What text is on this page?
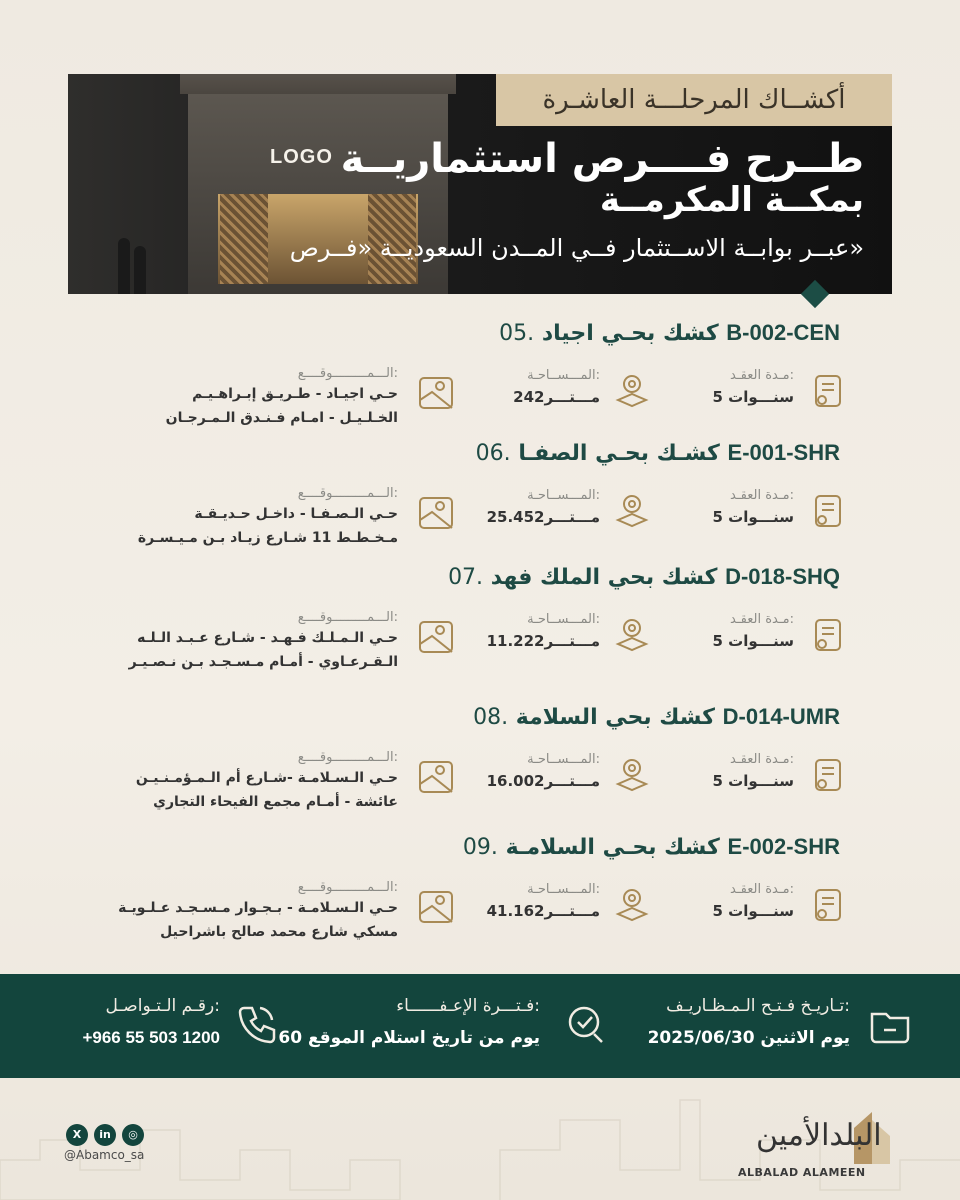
LOGO
أكشــاك المرحلـــة العاشـرة
طــرح فــــرص استثماريــة
بمكــة المكرمــة
عبــر بوابــة الاســتثمار فــي المــدن السعوديــة «فــرص»
05. كشك بحـي اجياد B-002-CEN
مـدة العقـد:
5 سنـــوات
المـــســاحـة:
24مـــتـــر2
الـــمـــــــــوقــــع:
حـي اجيـاد - طـريـق إبـراهـيـم
الخـلـيـل - امـام فـنـدق الـمـرجـان
06. كشـك بحـي الصفـا E-001-SHR
مـدة العقـد:
5 سنـــوات
المـــســاحـة:
25.45مـــتـــر2
الـــمـــــــــوقــــع:
حـي الـصـفـا - داخـل حـديـقـة
مـخـطـط 11 شـارع زيـاد بـن مـيـسـرة
07. كشك بحي الملك فهد D-018-SHQ
مـدة العقـد:
5 سنـــوات
المـــســاحـة:
11.22مـــتـــر2
الـــمـــــــــوقــــع:
حـي الـمـلـك فـهـد - شـارع عـبـد الـلـه
الـقـرعـاوي - أمـام مـسـجـد بـن نـصـيـر
08. كشك بحي السلامة D-014-UMR
مـدة العقـد:
5 سنـــوات
المـــســاحـة:
16.00مـــتـــر2
الـــمـــــــــوقــــع:
حـي الـسـلامـة -شـارع أم الـمـؤمـنـيـن
عائشة - أمـام مجمع الفيحاء التجاري
09. كشك بحـي السلامـة E-002-SHR
مـدة العقـد:
5 سنـــوات
المـــســاحـة:
41.16مـــتـــر2
الـــمـــــــــوقــــع:
حـي الـسـلامـة - بـجـوار مـسـجـد عـلـويـة
مسكي شارع محمد صالح باشراحيل
تـاريـخ فـتـح الـمـظـاريـف:
يوم الاثنين 2025/06/30
فـتـــرة الإعـفــــــاء:
60 يوم من تاريخ استلام الموقع
رقـم الـتـواصـل:
+966 55 503 1200
البلدالأمين
ALBALAD ALAMEEN
X	in	◎
@Abamco_sa
